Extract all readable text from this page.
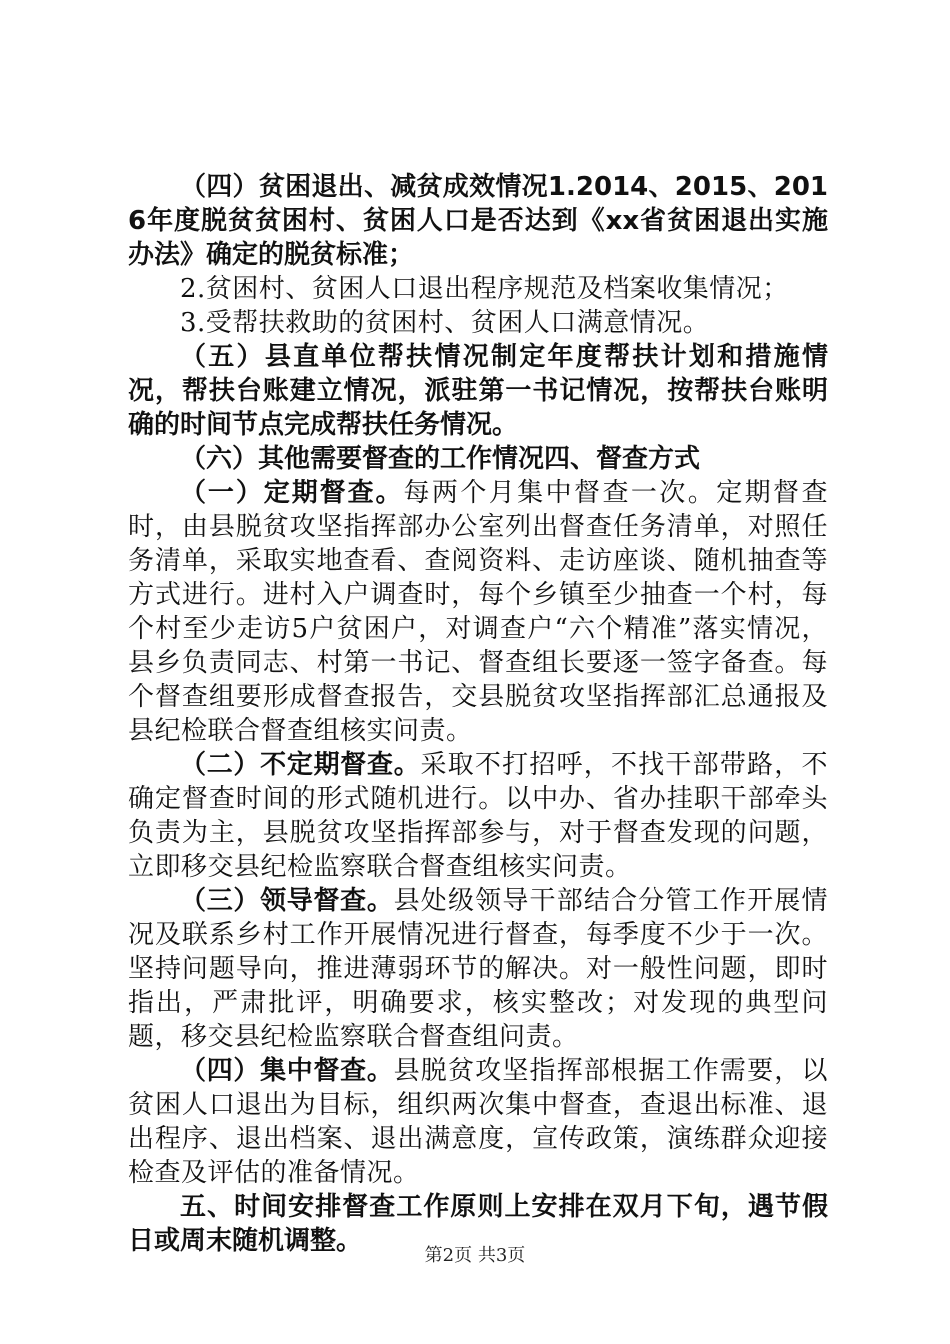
（四）贫困退出、减贫成效情况1.2014、2015、2016年度脱贫贫困村、贫困人口是否达到《xx省贫困退出实施办法》确定的脱贫标准；

2.贫困村、贫困人口退出程序规范及档案收集情况；

3.受帮扶救助的贫困村、贫困人口满意情况。

（五）县直单位帮扶情况制定年度帮扶计划和措施情况，帮扶台账建立情况，派驻第一书记情况，按帮扶台账明确的时间节点完成帮扶任务情况。

（六）其他需要督查的工作情况四、督查方式

（一）定期督查。每两个月集中督查一次。定期督查时，由县脱贫攻坚指挥部办公室列出督查任务清单，对照任务清单，采取实地查看、查阅资料、走访座谈、随机抽查等方式进行。进村入户调查时，每个乡镇至少抽查一个村，每个村至少走访5户贫困户，对调查户“六个精准”落实情况，县乡负责同志、村第一书记、督查组长要逐一签字备查。每个督查组要形成督查报告，交县脱贫攻坚指挥部汇总通报及县纪检联合督查组核实问责。

（二）不定期督查。采取不打招呼，不找干部带路，不确定督查时间的形式随机进行。以中办、省办挂职干部牵头负责为主，县脱贫攻坚指挥部参与，对于督查发现的问题，立即移交县纪检监察联合督查组核实问责。

（三）领导督查。县处级领导干部结合分管工作开展情况及联系乡村工作开展情况进行督查，每季度不少于一次。坚持问题导向，推进薄弱环节的解决。对一般性问题，即时指出，严肃批评，明确要求，核实整改；对发现的典型问题，移交县纪检监察联合督查组问责。

（四）集中督查。县脱贫攻坚指挥部根据工作需要，以贫困人口退出为目标，组织两次集中督查，查退出标准、退出程序、退出档案、退出满意度，宣传政策，演练群众迎接检查及评估的准备情况。

五、时间安排督查工作原则上安排在双月下旬，遇节假日或周末随机调整。	第2页 共3页
